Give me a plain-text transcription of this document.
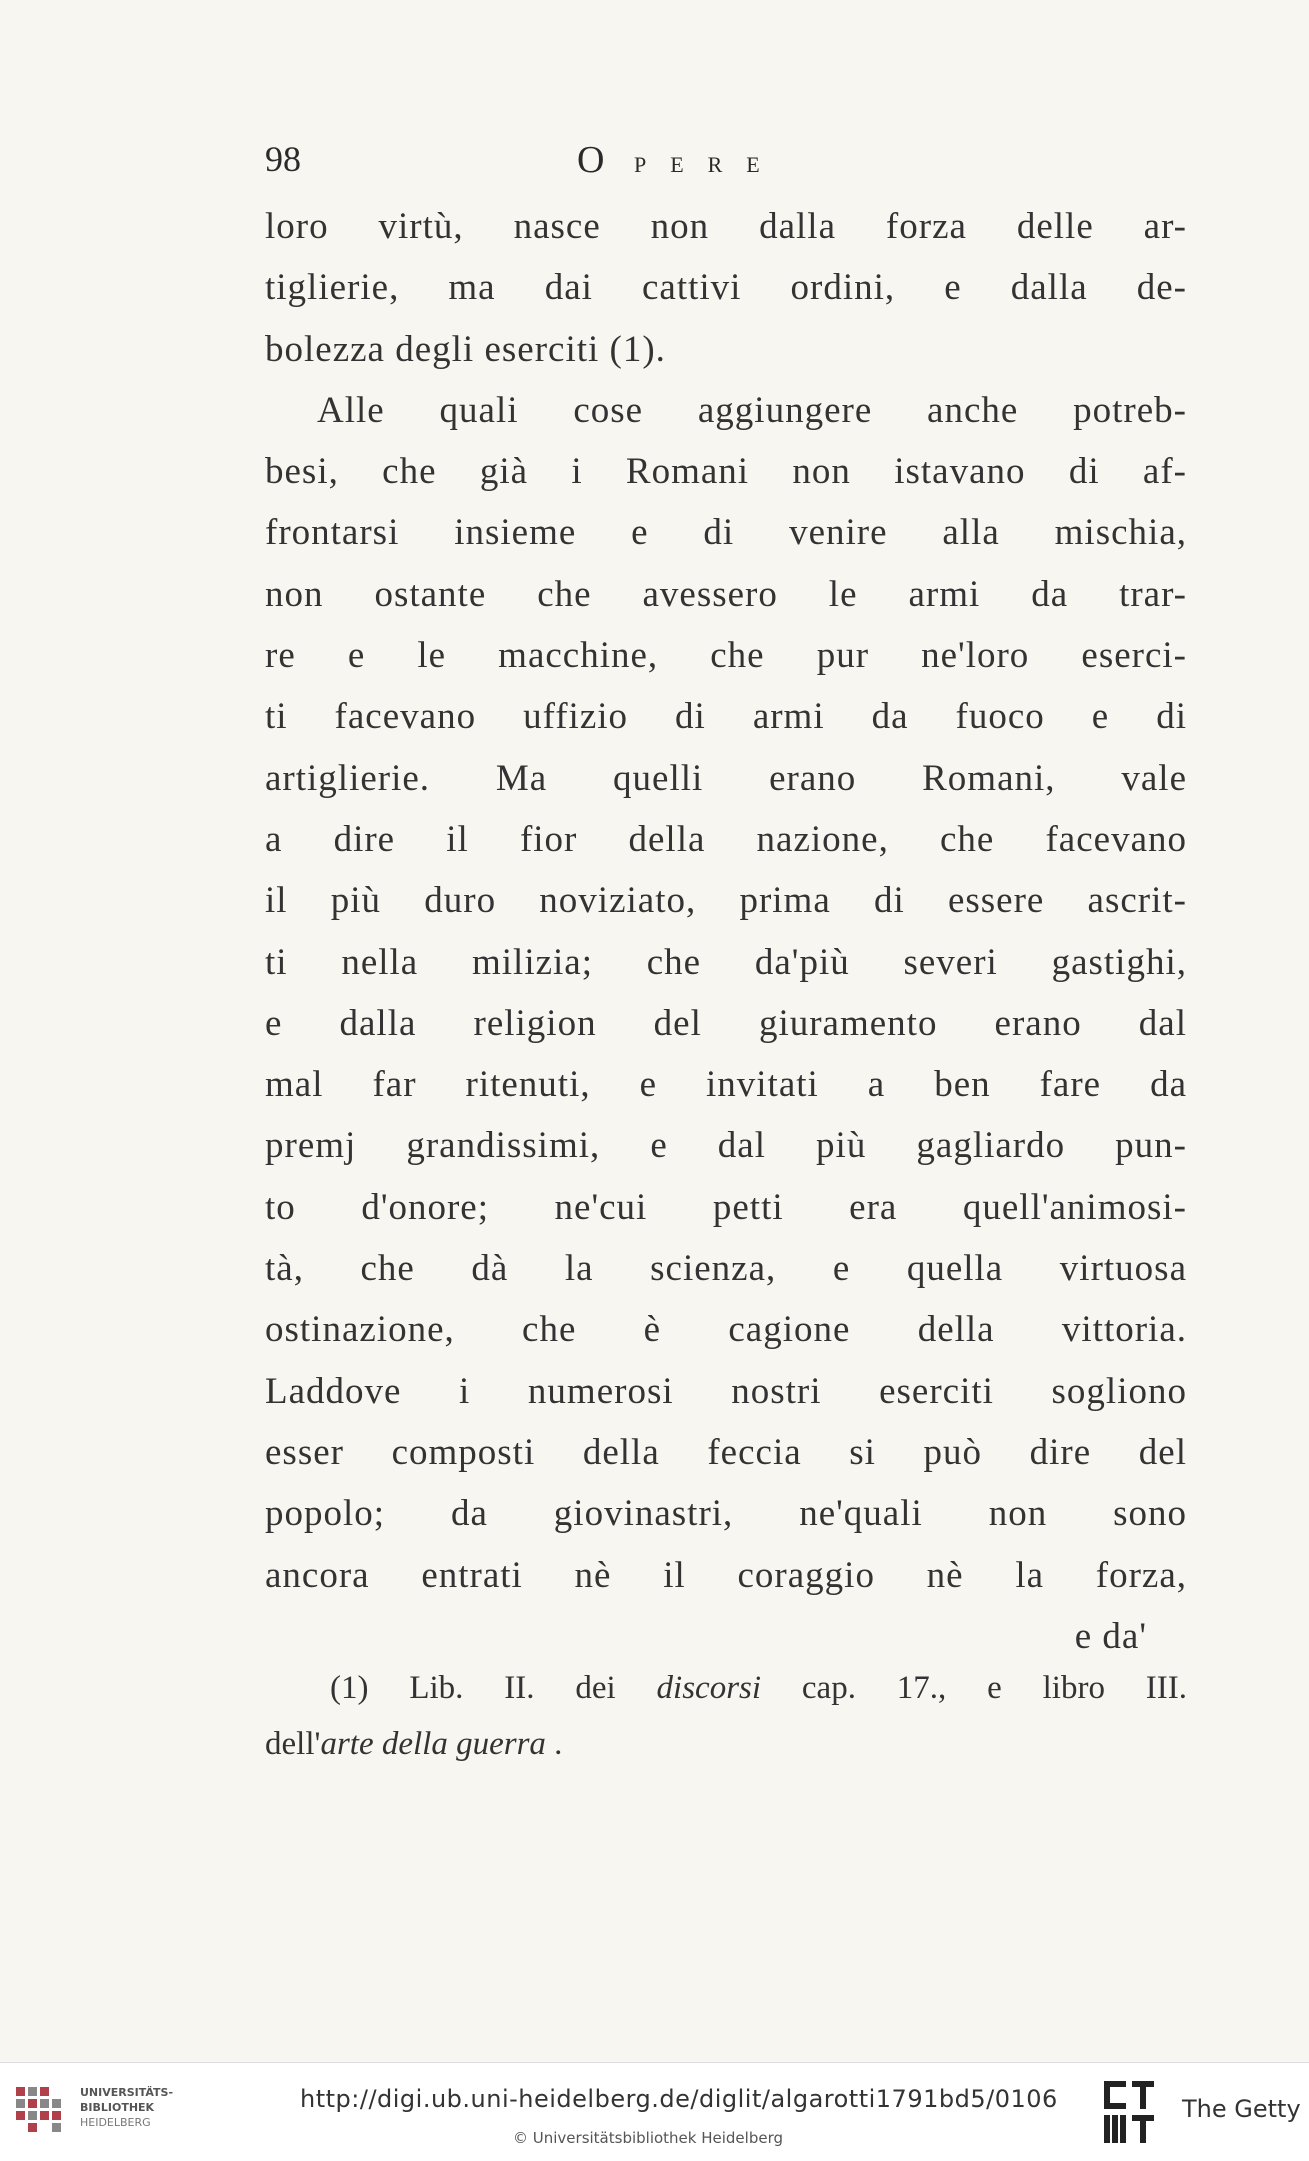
98	O PERE
loro virtù, nasce non dalla forza delle ar-
tiglierie, ma dai cattivi ordini, e dalla de-
bolezza degli eserciti (1).
Alle quali cose aggiungere anche potreb-
besi, che già i Romani non istavano di af-
frontarsi insieme e di venire alla mischia,
non ostante che avessero le armi da trar-
re e le macchine, che pur ne'loro eserci-
ti facevano uffizio di armi da fuoco e di
artiglierie. Ma quelli erano Romani, vale
a dire il fior della nazione, che facevano
il più duro noviziato, prima di essere ascrit-
ti nella milizia; che da'più severi gastighi,
e dalla religion del giuramento erano dal
mal far ritenuti, e invitati a ben fare da
premj grandissimi, e dal più gagliardo pun-
to d'onore; ne'cui petti era quell'animosi-
tà, che dà la scienza, e quella virtuosa
ostinazione, che è cagione della vittoria.
Laddove i numerosi nostri eserciti sogliono
esser composti della feccia si può dire del
popolo; da giovinastri, ne'quali non sono
ancora entrati nè il coraggio nè la forza,
e da'
(1) Lib. II. dei discorsi cap. 17., e libro III.
dell'arte della guerra .
UNIVERSITÄTS-
BIBLIOTHEK
HEIDELBERG
http://digi.ub.uni-heidelberg.de/diglit/algarotti1791bd5/0106
© Universitätsbibliothek Heidelberg
The Getty
